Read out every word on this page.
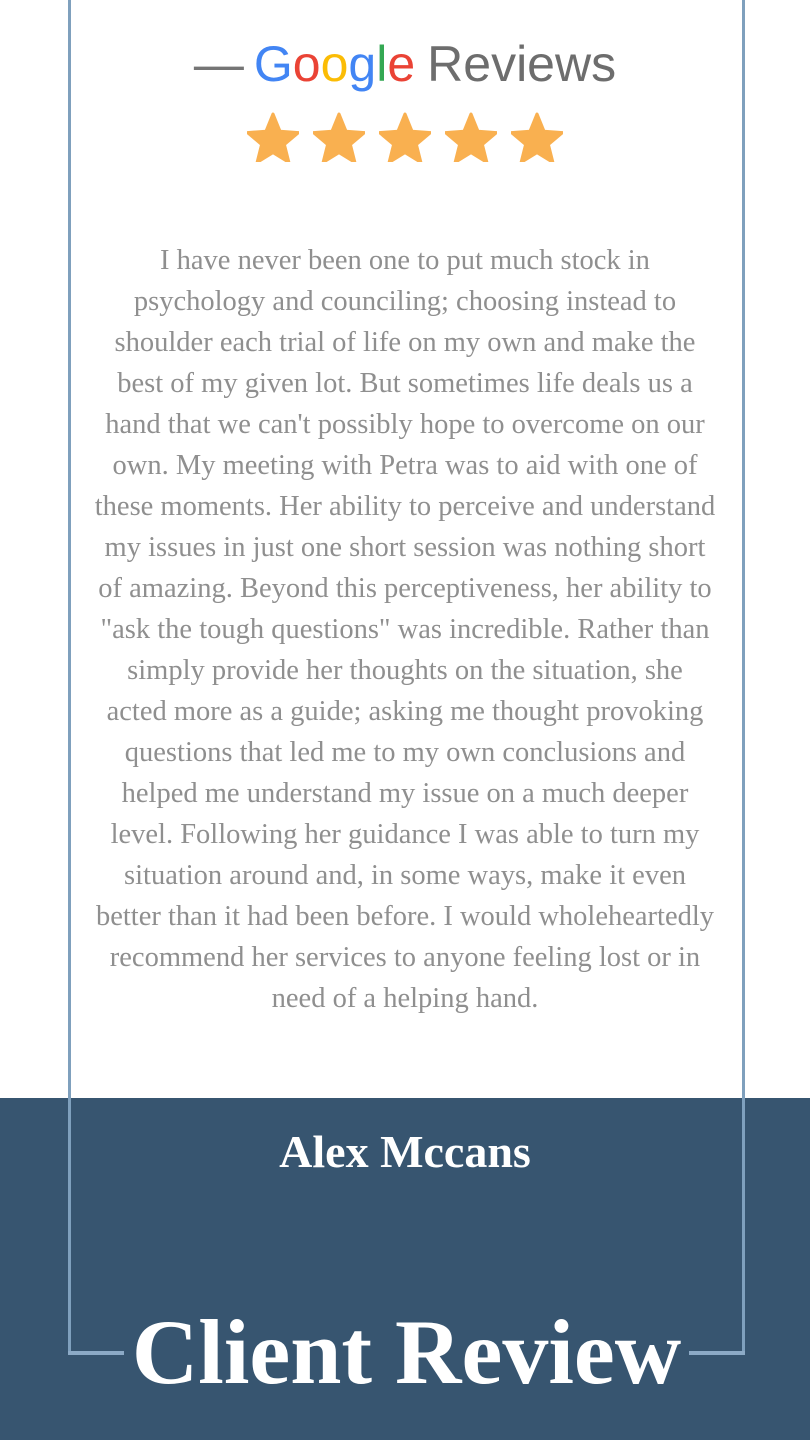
— Google Reviews

I have never been one to put much stock in psychology and counciling; choosing instead to shoulder each trial of life on my own and make the best of my given lot. But sometimes life deals us a hand that we can't possibly hope to overcome on our own. My meeting with Petra was to aid with one of these moments. Her ability to perceive and understand my issues in just one short session was nothing short of amazing. Beyond this perceptiveness, her ability to "ask the tough questions" was incredible. Rather than simply provide her thoughts on the situation, she acted more as a guide; asking me thought provoking questions that led me to my own conclusions and helped me understand my issue on a much deeper level. Following her guidance I was able to turn my situation around and, in some ways, make it even better than it had been before. I would wholeheartedly recommend her services to anyone feeling lost or in need of a helping hand.

Alex Mccans
Client Review
